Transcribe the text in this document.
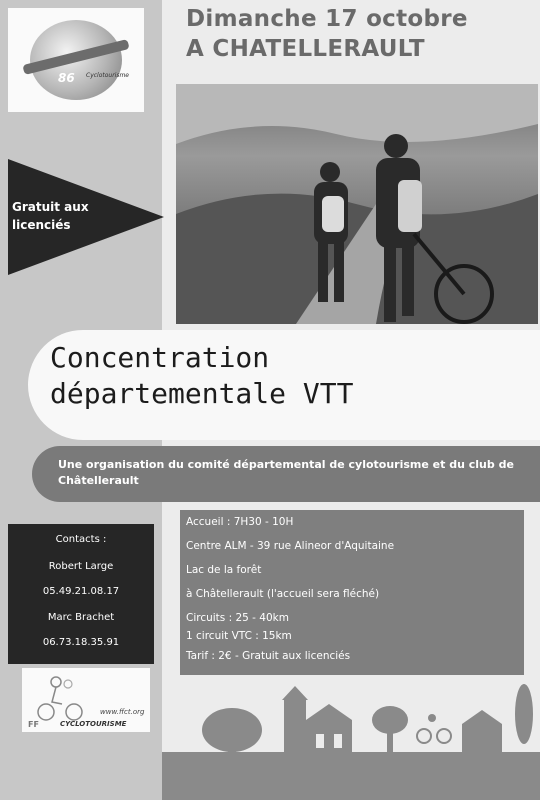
86 Cyclotourisme
Dimanche 17 octobre
A CHATELLERAULT
Gratuit aux
licenciés
Concentration
départementale VTT
Une organisation du comité départemental de cylotourisme et du club de Châtellerault
Contacts :
Robert Large
05.49.21.08.17
Marc Brachet
06.73.18.35.91
Accueil : 7H30 - 10H
Centre ALM - 39 rue Alineor d'Aquitaine
Lac de la forêt
à Châtellerault (l'accueil sera fléché)
Circuits : 25 - 40km
1 circuit VTC : 15km
Tarif : 2€ - Gratuit aux licenciés
www.ffct.org
FF	CYCLOTOURISME
